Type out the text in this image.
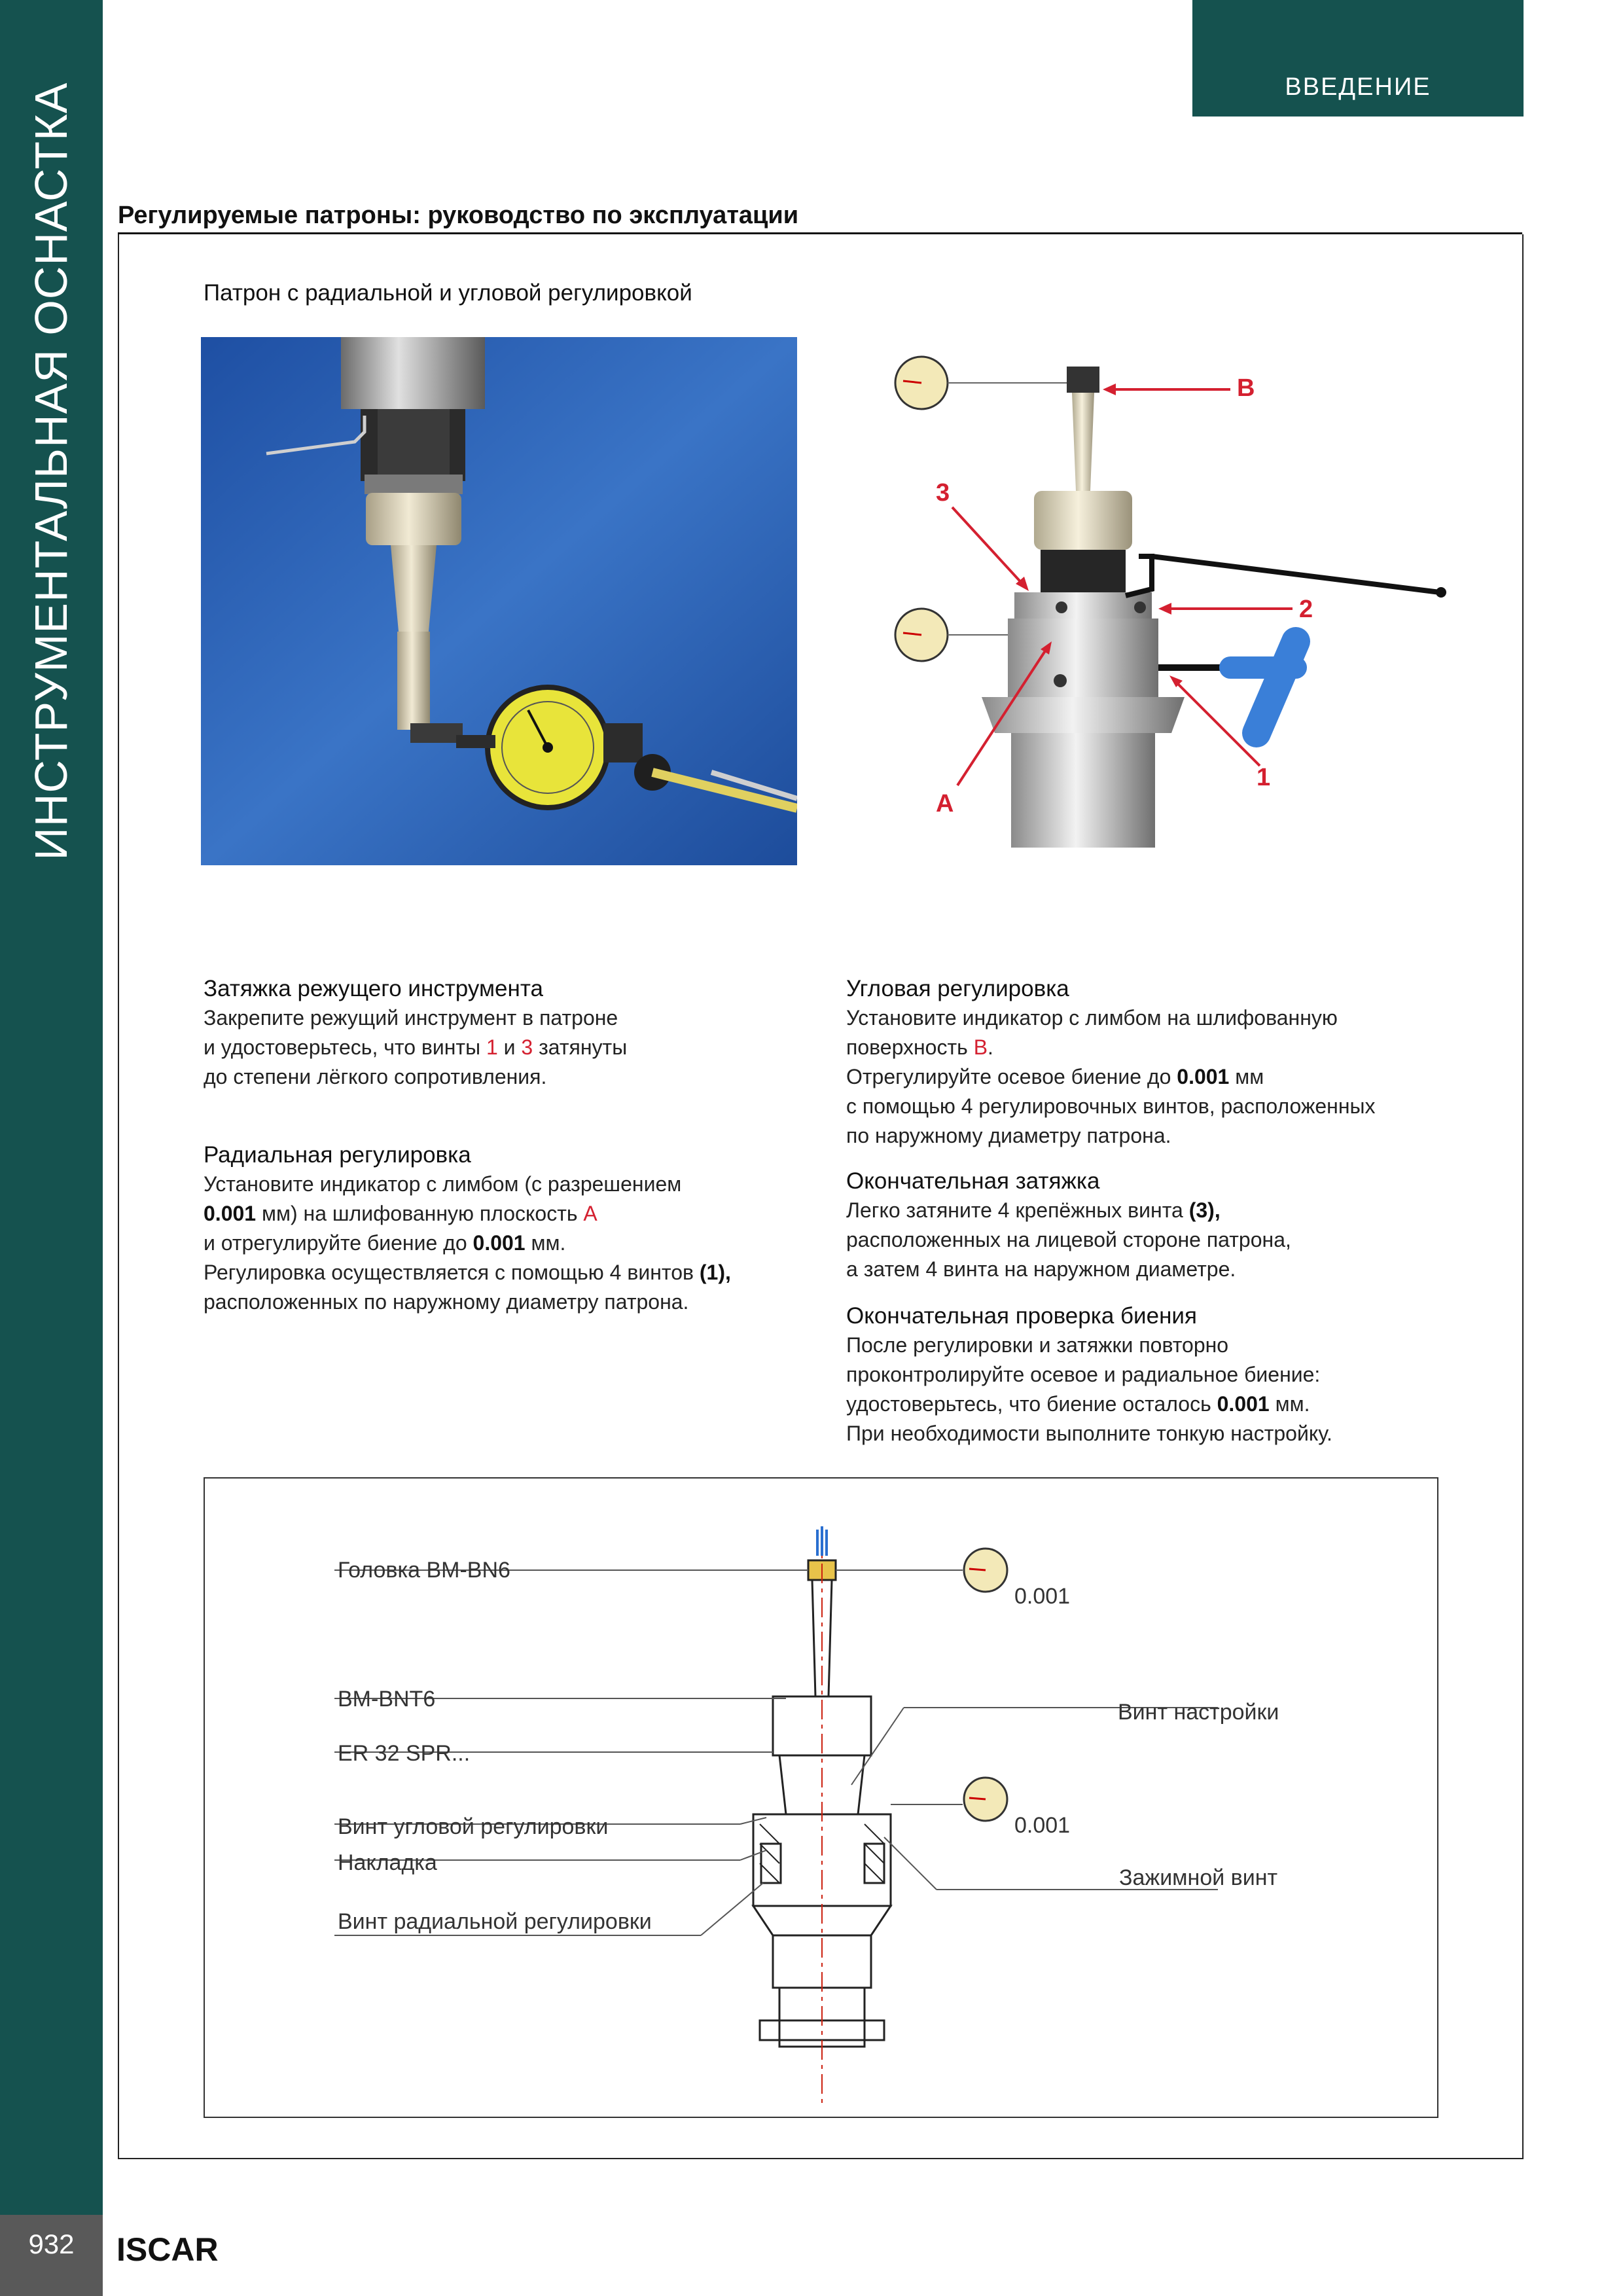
ИНСТРУМЕНТАЛЬНАЯ ОСНАСТКА
932	ISCAR
ВВЕДЕНИЕ
Регулируемые патроны: руководство по эксплуатации
Патрон с радиальной и угловой регулировкой
B
3
2
A
1
Затяжка режущего инструмента
Закрепите режущий инструмент в патроне
и удостоверьтесь, что винты 1 и 3 затянуты
до степени лёгкого сопротивления.
Радиальная регулировка
Установите индикатор с лимбом (с разрешением
0.001 мм) на шлифованную плоскость A
и отрегулируйте биение до 0.001 мм.
Регулировка осуществляется с помощью 4 винтов (1),
расположенных по наружному диаметру патрона.
Угловая регулировка
Установите индикатор с лимбом на шлифованную
поверхность B.
Отрегулируйте осевое биение до 0.001 мм
с помощью 4 регулировочных винтов, расположенных
по наружному диаметру патрона.
Окончательная затяжка
Легко затяните 4 крепёжных винта (3),
расположенных на лицевой стороне патрона,
а затем 4 винта на наружном диаметре.
Окончательная проверка биения
После регулировки и затяжки повторно
проконтролируйте осевое и радиальное биение:
удостоверьтесь, что биение осталось 0.001 мм.
При необходимости выполните тонкую настройку.
Головка BM-BN6
0.001
BM-BNT6
ER 32 SPR...
Винт настройки
0.001
Винт угловой регулировки
Накладка
Зажимной винт
Винт радиальной регулировки
